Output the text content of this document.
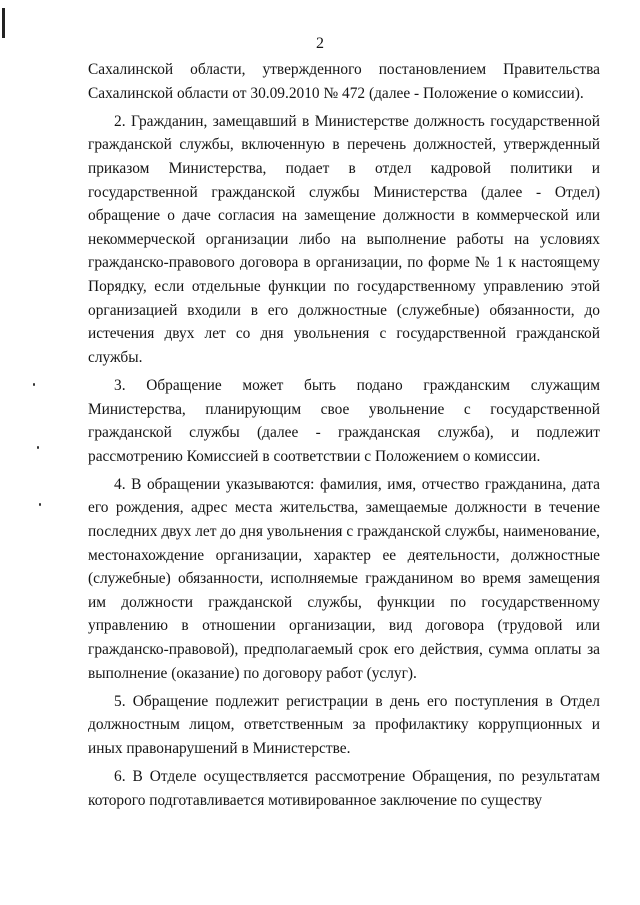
2

Сахалинской области, утвержденного постановлением Правительства Сахалинской области от 30.09.2010 № 472 (далее - Положение о комиссии).

2. Гражданин, замещавший в Министерстве должность государственной гражданской службы, включенную в перечень должностей, утвержденный приказом Министерства, подает в отдел кадровой политики и государственной гражданской службы Министерства (далее - Отдел) обращение о даче согласия на замещение должности в коммерческой или некоммерческой организации либо на выполнение работы на условиях гражданско-правового договора в организации, по форме № 1 к настоящему Порядку, если отдельные функции по государственному управлению этой организацией входили в его должностные (служебные) обязанности, до истечения двух лет со дня увольнения с государственной гражданской службы.

3. Обращение может быть подано гражданским служащим Министерства, планирующим свое увольнение с государственной гражданской службы (далее - гражданская служба), и подлежит рассмотрению Комиссией в соответствии с Положением о комиссии.

4. В обращении указываются: фамилия, имя, отчество гражданина, дата его рождения, адрес места жительства, замещаемые должности в течение последних двух лет до дня увольнения с гражданской службы, наименование, местонахождение организации, характер ее деятельности, должностные (служебные) обязанности, исполняемые гражданином во время замещения им должности гражданской службы, функции по государственному управлению в отношении организации, вид договора (трудовой или гражданско-правовой), предполагаемый срок его действия, сумма оплаты за выполнение (оказание) по договору работ (услуг).

5. Обращение подлежит регистрации в день его поступления в Отдел должностным лицом, ответственным за профилактику коррупционных и иных правонарушений в Министерстве.

6. В Отделе осуществляется рассмотрение Обращения, по результатам которого подготавливается мотивированное заключение по существу
